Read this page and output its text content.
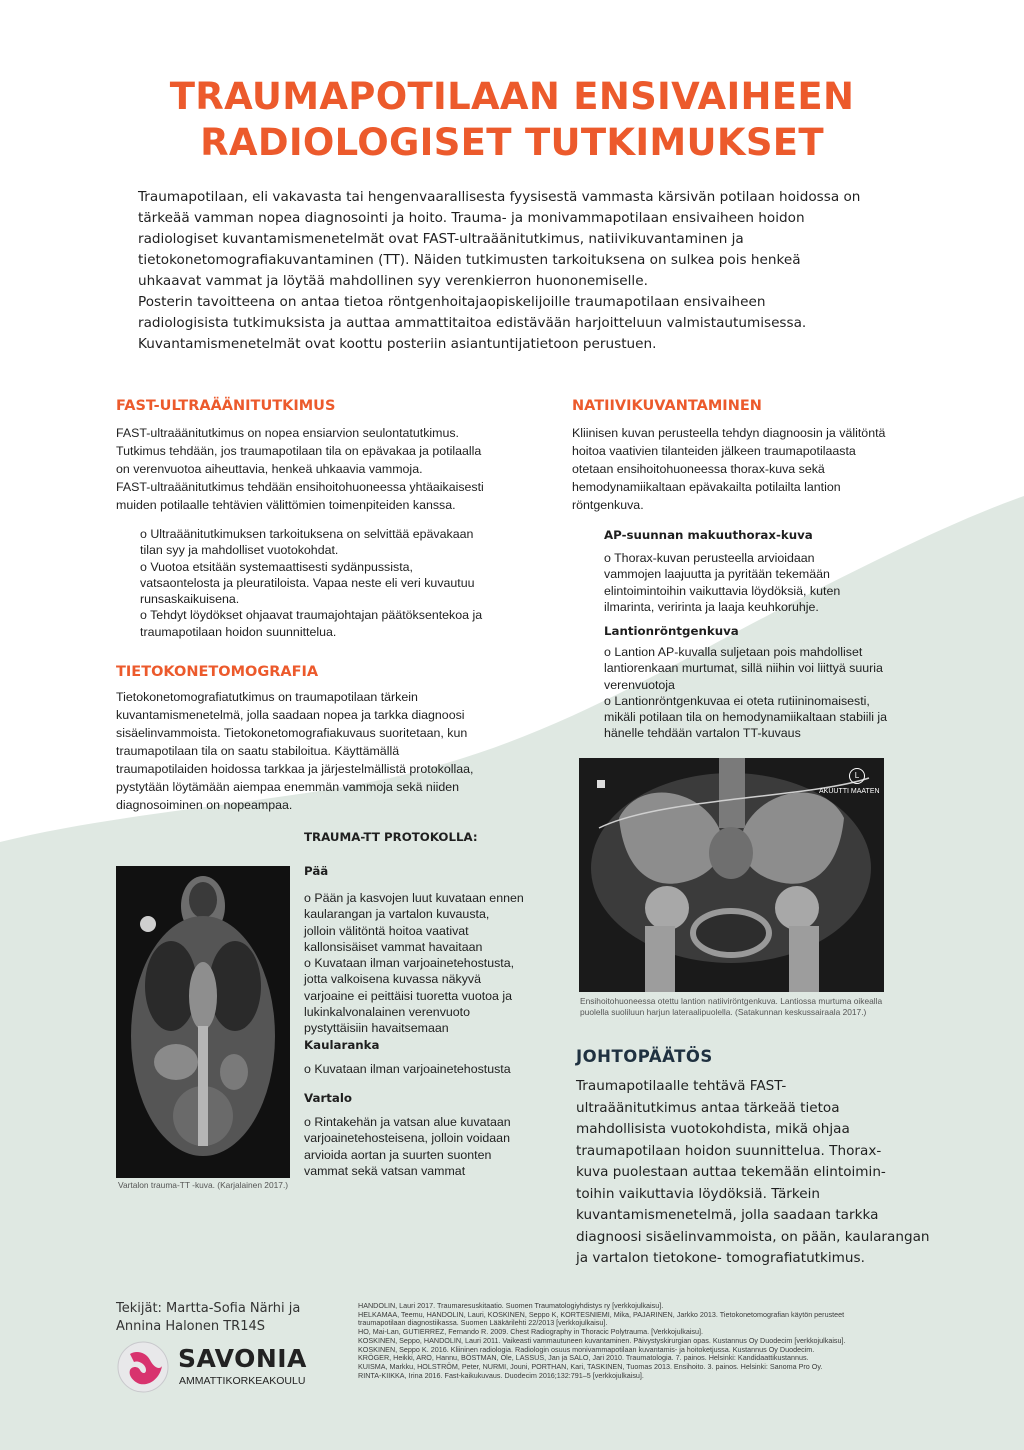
TRAUMAPOTILAAN ENSIVAIHEEN
RADIOLOGISET TUTKIMUKSET
Traumapotilaan, eli vakavasta tai hengenvaarallisesta fyysisestä vammasta kärsivän potilaan hoidossa on
tärkeää vamman nopea diagnosointi ja hoito. Trauma- ja monivammapotilaan ensivaiheen hoidon
radiologiset kuvantamismenetelmät ovat FAST-ultraäänitutkimus, natiivikuvantaminen ja
tietokonetomografiakuvantaminen (TT). Näiden tutkimusten tarkoituksena on sulkea pois henkeä
uhkaavat vammat ja löytää mahdollinen syy verenkierron huononemiselle.
Posterin tavoitteena on antaa tietoa röntgenhoitajaopiskelijoille traumapotilaan ensivaiheen
radiologisista tutkimuksista ja auttaa ammattitaitoa edistävään harjoitteluun valmistautumisessa.
Kuvantamismenetelmät ovat koottu posteriin asiantuntijatietoon perustuen.
FAST-ULTRAÄÄNITUTKIMUS
FAST-ultraäänitutkimus on nopea ensiarvion seulontatutkimus.
Tutkimus tehdään, jos traumapotilaan tila on epävakaa ja potilaalla
on verenvuotoa aiheuttavia, henkeä uhkaavia vammoja.
FAST-ultraäänitutkimus tehdään ensihoitohuoneessa yhtäaikaisesti
muiden potilaalle tehtävien välittömien toimenpiteiden kanssa.
o Ultraäänitutkimuksen tarkoituksena on selvittää epävakaan
tilan syy ja mahdolliset vuotokohdat.
o Vuotoa etsitään systemaattisesti sydänpussista,
vatsaontelosta ja pleuratiloista. Vapaa neste eli veri kuvautuu
runsaskaikuisena.
o Tehdyt löydökset ohjaavat traumajohtajan päätöksentekoa ja
traumapotilaan hoidon suunnittelua.
TIETOKONETOMOGRAFIA
Tietokonetomografiatutkimus on traumapotilaan tärkein
kuvantamismenetelmä, jolla saadaan nopea ja tarkka diagnoosi
sisäelinvammoista. Tietokonetomografiakuvaus suoritetaan, kun
traumapotilaan tila on saatu stabiloitua. Käyttämällä
traumapotilaiden hoidossa tarkkaa ja järjestelmällistä protokollaa,
pystytään löytämään aiempaa enemmän vammoja sekä niiden
diagnosoiminen on nopeampaa.
TRAUMA-TT PROTOKOLLA:
Pää
o Pään ja kasvojen luut kuvataan ennen
kaularangan ja vartalon kuvausta,
jolloin välitöntä hoitoa vaativat
kallonsisäiset vammat havaitaan
o Kuvataan ilman varjoainetehostusta,
jotta valkoisena kuvassa näkyvä
varjoaine ei peittäisi tuoretta vuotoa ja
lukinkalvonalainen verenvuoto
pystyttäisiin havaitsemaan
Kaularanka
o Kuvataan ilman varjoainetehostusta
Vartalo
o Rintakehän ja vatsan alue kuvataan
varjoainetehosteisena, jolloin voidaan
arvioida aortan ja suurten suonten
vammat sekä vatsan vammat
Vartalon trauma-TT -kuva. (Karjalainen 2017.)
NATIIVIKUVANTAMINEN
Kliinisen kuvan perusteella tehdyn diagnoosin ja välitöntä
hoitoa vaativien tilanteiden jälkeen traumapotilaasta
otetaan ensihoitohuoneessa thorax-kuva sekä
hemodynamiikaltaan epävakailta potilailta lantion
röntgenkuva.
AP-suunnan makuuthorax-kuva
o Thorax-kuvan perusteella arvioidaan
vammojen laajuutta ja pyritään tekemään
elintoimintoihin vaikuttavia löydöksiä, kuten
ilmarinta, veririnta ja laaja keuhkoruhje.
Lantionröntgenkuva
o Lantion AP-kuvalla suljetaan pois mahdolliset
lantiorenkaan murtumat, sillä niihin voi liittyä suuria
verenvuotoja
o Lantionröntgenkuvaa ei oteta rutiininomaisesti,
mikäli potilaan tila on hemodynamiikaltaan stabiili ja
hänelle tehdään vartalon TT-kuvaus
L
AKUUTTI MAATEN
Ensihoitohuoneessa otettu lantion natiiviröntgenkuva. Lantiossa murtuma oikealla
puolella suoliluun harjun lateraalipuolella. (Satakunnan keskussairaala 2017.)
JOHTOPÄÄTÖS
Traumapotilaalle tehtävä FAST-
ultraäänitutkimus antaa tärkeää tietoa
mahdollisista vuotokohdista, mikä ohjaa
traumapotilaan hoidon suunnittelua. Thorax-
kuva puolestaan auttaa tekemään elintoimin-
toihin vaikuttavia löydöksiä. Tärkein
kuvantamismenetelmä, jolla saadaan tarkka
diagnoosi sisäelinvammoista, on pään, kaularangan
ja vartalon tietokone- tomografiatutkimus.
Tekijät: Martta-Sofia Närhi ja
Annina Halonen TR14S
SAVONIA
AMMATTIKORKEAKOULU
HANDOLIN, Lauri 2017. Traumaresuskitaatio. Suomen Traumatologiyhdistys ry [verkkojulkaisu].
HELKAMAA, Teemu, HANDOLIN, Lauri, KOSKINEN, Seppo K, KORTESNIEMI, Mika, PAJARINEN, Jarkko 2013. Tietokonetomografian käytön perusteet
traumapotilaan diagnostiikassa. Suomen Lääkärilehti 22/2013 [verkkojulkaisu].
HO, Mai-Lan, GUTIERREZ, Fernando R. 2009. Chest Radiography in Thoracic Polytrauma. [Verkkojulkaisu].
KOSKINEN, Seppo, HANDOLIN, Lauri 2011. Vaikeasti vammautuneen kuvantaminen. Päivystyskirurgian opas. Kustannus Oy Duodecim [verkkojulkaisu].
KOSKINEN, Seppo K. 2016. Kliininen radiologia. Radiologin osuus monivammapotilaan kuvantamis- ja hoitoketjussa. Kustannus Oy Duodecim.
KRÖGER, Heikki, ARO, Hannu, BÖSTMAN, Ole, LASSUS, Jan ja SALO, Jari 2010. Traumatologia. 7. painos. Helsinki: Kandidaattikustannus.
KUISMA, Markku, HOLSTRÖM, Peter, NURMI, Jouni, PORTHAN, Kari, TASKINEN, Tuomas 2013. Ensihoito. 3. painos. Helsinki: Sanoma Pro Oy.
RINTA-KIIKKA, Irina 2016. Fast-kaikukuvaus. Duodecim 2016;132:791–5 [verkkojulkaisu].
